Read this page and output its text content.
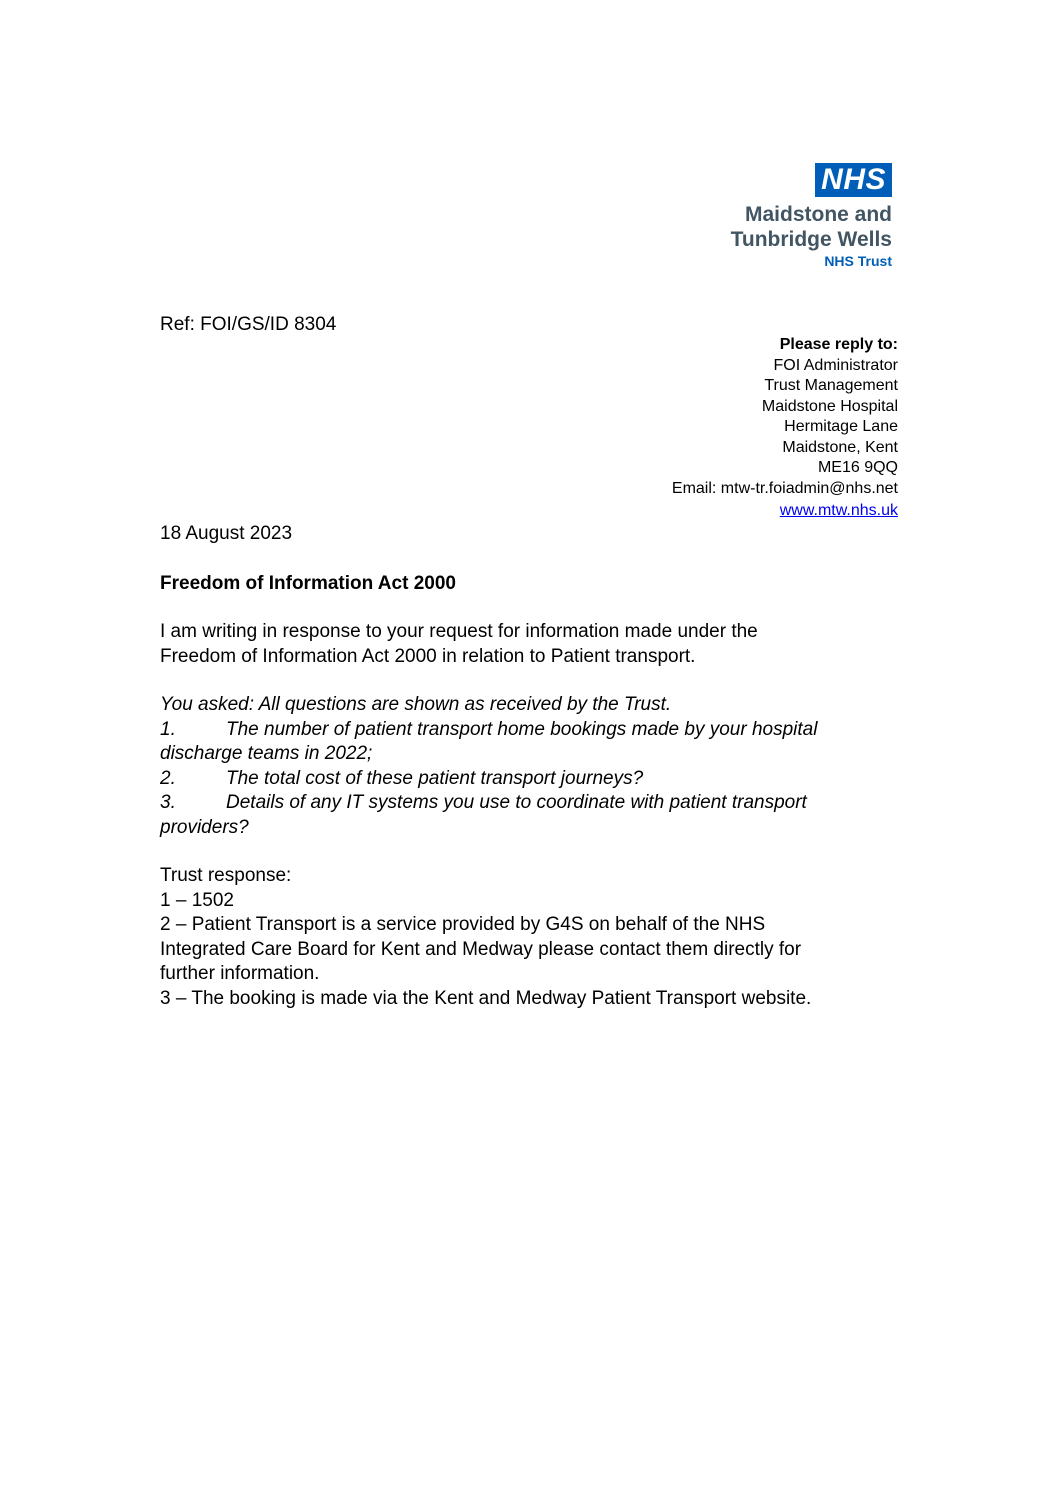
NHS
Maidstone and
Tunbridge Wells
NHS Trust
Ref: FOI/GS/ID 8304
Please reply to:
FOI Administrator
Trust Management
Maidstone Hospital
Hermitage Lane
Maidstone, Kent
ME16 9QQ
Email: mtw-tr.foiadmin@nhs.net
www.mtw.nhs.uk
18 August 2023
Freedom of Information Act 2000
I am writing in response to your request for information made under the
Freedom of Information Act 2000 in relation to Patient transport.
You asked: All questions are shown as received by the Trust.
1.	The number of patient transport home bookings made by your hospital
discharge teams in 2022;
2.	The total cost of these patient transport journeys?
3.	Details of any IT systems you use to coordinate with patient transport
providers?
Trust response:
1 – 1502
2 – Patient Transport is a service provided by G4S on behalf of the NHS
Integrated Care Board for Kent and Medway please contact them directly for
further information.
3 – The booking is made via the Kent and Medway Patient Transport website.
